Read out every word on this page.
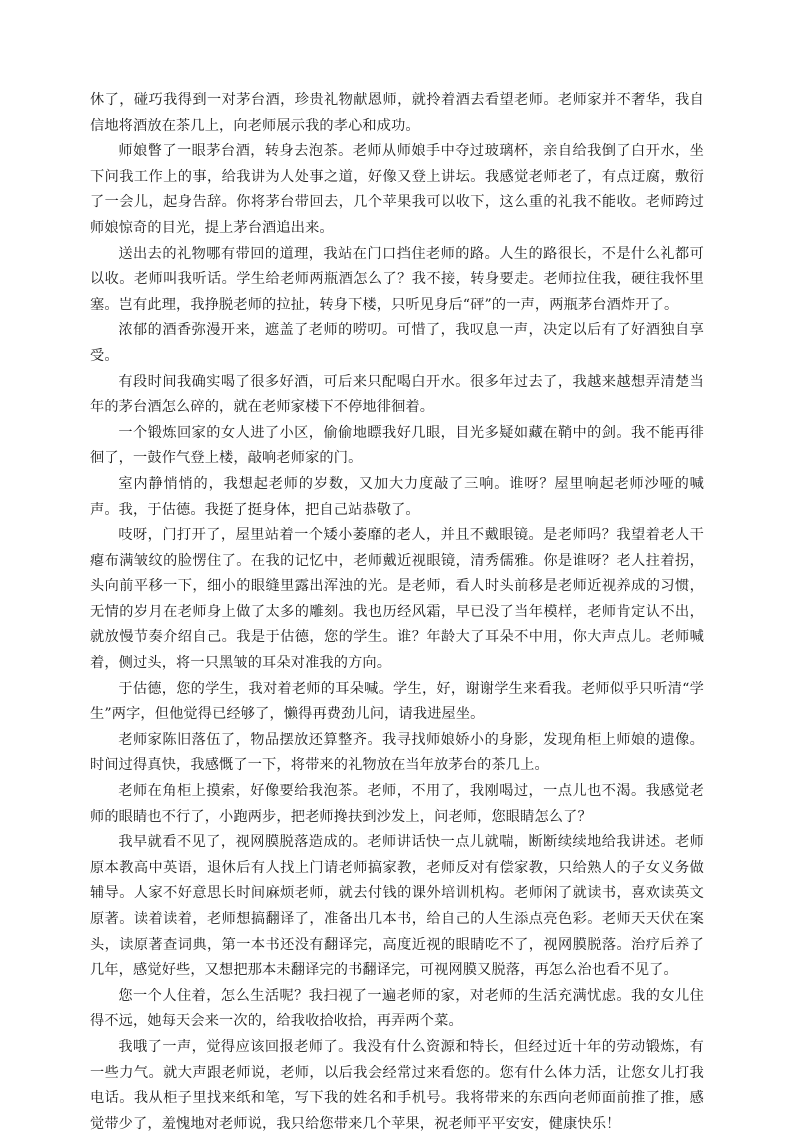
休了，碰巧我得到一对茅台酒，珍贵礼物献恩师，就拎着酒去看望老师。老师家并不奢华，我自信地将酒放在茶几上，向老师展示我的孝心和成功。

师娘瞥了一眼茅台酒，转身去泡茶。老师从师娘手中夺过玻璃杯，亲自给我倒了白开水，坐下问我工作上的事，给我讲为人处事之道，好像又登上讲坛。我感觉老师老了，有点迂腐，敷衍了一会儿，起身告辞。你将茅台带回去，几个苹果我可以收下，这么重的礼我不能收。老师跨过师娘惊奇的目光，提上茅台酒追出来。

送出去的礼物哪有带回的道理，我站在门口挡住老师的路。人生的路很长，不是什么礼都可以收。老师叫我听话。学生给老师两瓶酒怎么了？我不接，转身要走。老师拉住我，硬往我怀里塞。岂有此理，我挣脱老师的拉扯，转身下楼，只听见身后“砰”的一声，两瓶茅台酒炸开了。

浓郁的酒香弥漫开来，遮盖了老师的唠叨。可惜了，我叹息一声，决定以后有了好酒独自享受。

有段时间我确实喝了很多好酒，可后来只配喝白开水。很多年过去了，我越来越想弄清楚当年的茅台酒怎么碎的，就在老师家楼下不停地徘徊着。

一个锻炼回家的女人进了小区，偷偷地瞟我好几眼，目光多疑如藏在鞘中的剑。我不能再徘徊了，一鼓作气登上楼，敲响老师家的门。

室内静悄悄的，我想起老师的岁数，又加大力度敲了三响。谁呀？屋里响起老师沙哑的喊声。我，于估德。我挺了挺身体，把自己站恭敬了。

吱呀，门打开了，屋里站着一个矮小萎靡的老人，并且不戴眼镜。是老师吗？我望着老人干瘪布满皱纹的脸愣住了。在我的记忆中，老师戴近视眼镜，清秀儒雅。你是谁呀？老人拄着拐，头向前平移一下，细小的眼缝里露出浑浊的光。是老师，看人时头前移是老师近视养成的习惯，无情的岁月在老师身上做了太多的雕刻。我也历经风霜，早已没了当年模样，老师肯定认不出，就放慢节奏介绍自己。我是于估德，您的学生。谁？年龄大了耳朵不中用，你大声点儿。老师喊着，侧过头，将一只黑皱的耳朵对准我的方向。

于估德，您的学生，我对着老师的耳朵喊。学生，好，谢谢学生来看我。老师似乎只听清“学生”两字，但他觉得已经够了，懒得再费劲儿问，请我进屋坐。

老师家陈旧落伍了，物品摆放还算整齐。我寻找师娘娇小的身影，发现角柜上师娘的遗像。时间过得真快，我感慨了一下，将带来的礼物放在当年放茅台的茶几上。

老师在角柜上摸索，好像要给我泡茶。老师，不用了，我刚喝过，一点儿也不渴。我感觉老师的眼睛也不行了，小跑两步，把老师搀扶到沙发上，问老师，您眼睛怎么了？

我早就看不见了，视网膜脱落造成的。老师讲话快一点儿就喘，断断续续地给我讲述。老师原本教高中英语，退休后有人找上门请老师搞家教，老师反对有偿家教，只给熟人的子女义务做辅导。人家不好意思长时间麻烦老师，就去付钱的课外培训机构。老师闲了就读书，喜欢读英文原著。读着读着，老师想搞翻译了，准备出几本书，给自己的人生添点亮色彩。老师天天伏在案头，读原著查词典，第一本书还没有翻译完，高度近视的眼睛吃不了，视网膜脱落。治疗后养了几年，感觉好些，又想把那本未翻译完的书翻译完，可视网膜又脱落，再怎么治也看不见了。

您一个人住着，怎么生活呢？我扫视了一遍老师的家，对老师的生活充满忧虑。我的女儿住得不远，她每天会来一次的，给我收拾收拾，再弄两个菜。

我哦了一声，觉得应该回报老师了。我没有什么资源和特长，但经过近十年的劳动锻炼，有一些力气。就大声跟老师说，老师，以后我会经常过来看您的。您有什么体力活，让您女儿打我电话。我从柜子里找来纸和笔，写下我的姓名和手机号。我将带来的东西向老师面前推了推，感觉带少了，羞愧地对老师说，我只给您带来几个苹果，祝老师平平安安，健康快乐！
